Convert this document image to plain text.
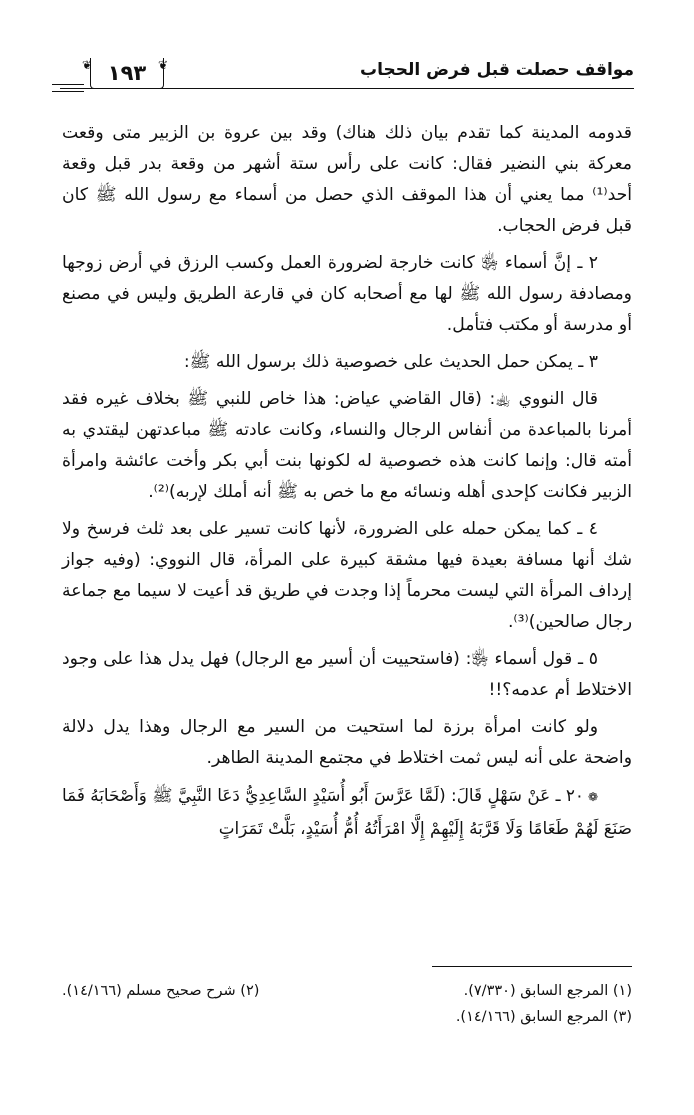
مواقف حصلت قبل فرض الحجاب
❦ ١٩٣ ❦

قدومه المدينة كما تقدم بيان ذلك هناك) وقد بين عروة بن الزبير متى وقعت معركة بني النضير فقال: كانت على رأس ستة أشهر من وقعة بدر قبل وقعة أحد⁽¹⁾ مما يعني أن هذا الموقف الذي حصل من أسماء مع رسول الله ﷺ كان قبل فرض الحجاب.

٢ ـ إنَّ أسماء ﵂ كانت خارجة لضرورة العمل وكسب الرزق في أرض زوجها ومصادفة رسول الله ﷺ لها مع أصحابه كان في قارعة الطريق وليس في مصنع أو مدرسة أو مكتب فتأمل.

٣ ـ يمكن حمل الحديث على خصوصية ذلك برسول الله ﷺ:

قال النووي ﵀: (قال القاضي عياض: هذا خاص للنبي ﷺ بخلاف غيره فقد أمرنا بالمباعدة من أنفاس الرجال والنساء، وكانت عادته ﷺ مباعدتهن ليقتدي به أمته قال: وإنما كانت هذه خصوصية له لكونها بنت أبي بكر وأخت عائشة وامرأة الزبير فكانت كإحدى أهله ونسائه مع ما خص به ﷺ أنه أملك لإربه)⁽²⁾.

٤ ـ كما يمكن حمله على الضرورة، لأنها كانت تسير على بعد ثلث فرسخ ولا شك أنها مسافة بعيدة فيها مشقة كبيرة على المرأة، قال النووي: (وفيه جواز إرداف المرأة التي ليست محرماً إذا وجدت في طريق قد أعيت لا سيما مع جماعة رجال صالحين)⁽³⁾.

٥ ـ قول أسماء ﵂: (فاستحييت أن أسير مع الرجال) فهل يدل هذا على وجود الاختلاط أم عدمه؟!!

ولو كانت امرأة برزة لما استحيت من السير مع الرجال وهذا يدل دلالة واضحة على أنه ليس ثمت اختلاط في مجتمع المدينة الطاهر.

❁٢٠ ـ عَنْ سَهْلٍ قَالَ: (لَمَّا عَرَّسَ أَبُو أُسَيْدٍ السَّاعِدِيُّ دَعَا النَّبِيَّ ﷺ وَأَصْحَابَهُ فَمَا صَنَعَ لَهُمْ طَعَامًا وَلَا قَرَّبَهُ إِلَيْهِمْ إِلَّا امْرَأَتُهُ أُمُّ أُسَيْدٍ، بَلَّتْ تَمَرَاتٍ

(١) المرجع السابق (٧/٣٣٠).
(٢) شرح صحيح مسلم (١٤/١٦٦).
(٣) المرجع السابق (١٤/١٦٦).
